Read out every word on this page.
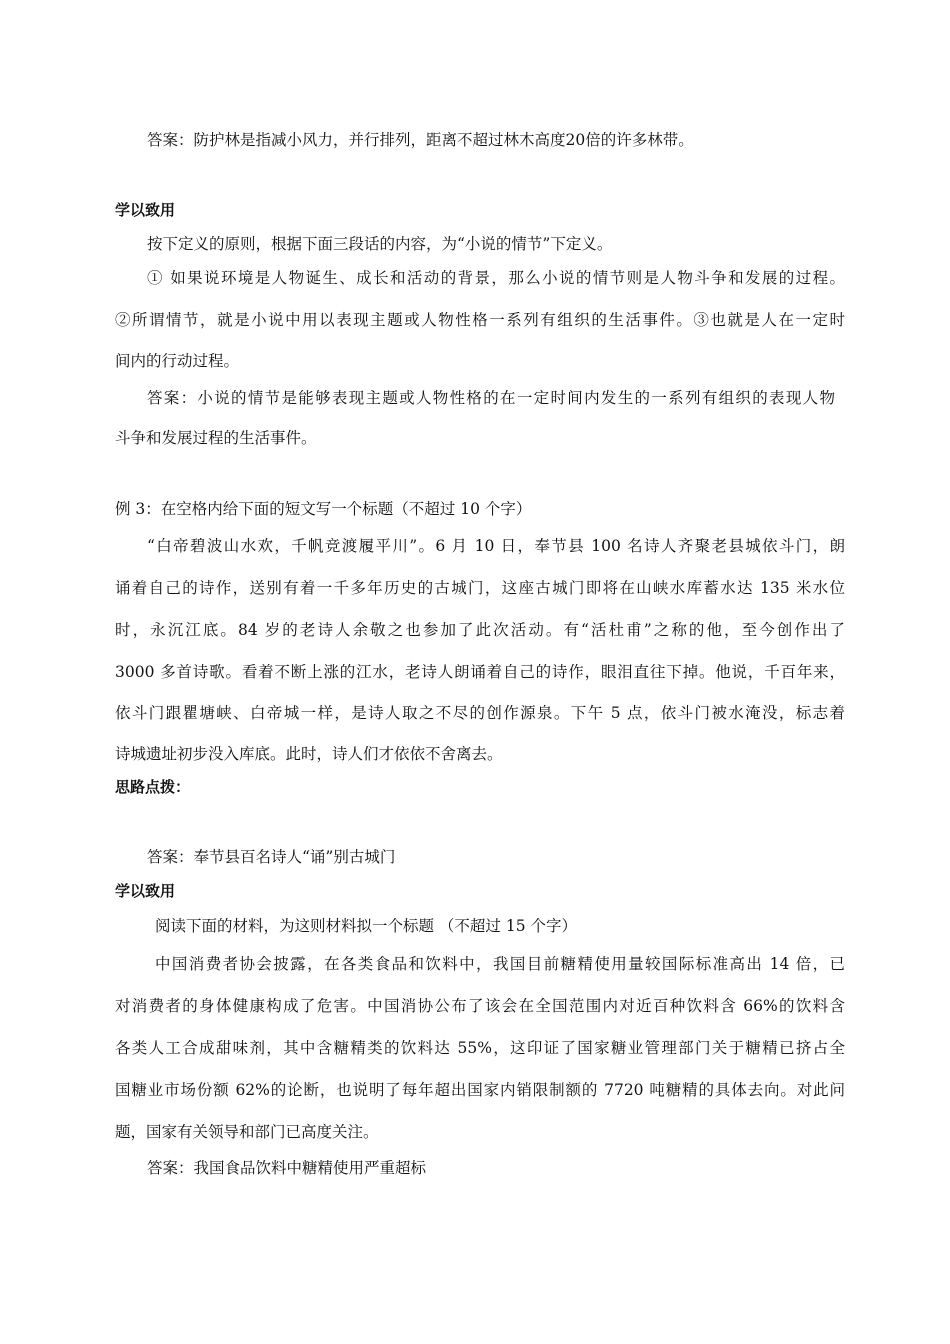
答案：防护林是指减小风力，并行排列，距离不超过林木高度20倍的许多林带。

学以致用

按下定义的原则，根据下面三段话的内容，为“小说的情节”下定义。

① 如果说环境是人物诞生、成长和活动的背景，那么小说的情节则是人物斗争和发展的过程。

②所谓情节，就是小说中用以表现主题或人物性格一系列有组织的生活事件。③也就是人在一定时

间内的行动过程。

答案：小说的情节是能够表现主题或人物性格的在一定时间内发生的一系列有组织的表现人物

斗争和发展过程的生活事件。

例 3：在空格内给下面的短文写一个标题（不超过 10 个字）

“白帝碧波山水欢，千帆竞渡履平川”。6 月 10 日，奉节县 100 名诗人齐聚老县城依斗门，朗

诵着自己的诗作，送别有着一千多年历史的古城门，这座古城门即将在山峡水库蓄水达 135 米水位

时，永沉江底。84 岁的老诗人余敬之也参加了此次活动。有“活杜甫”之称的他，至今创作出了

3000 多首诗歌。看着不断上涨的江水，老诗人朗诵着自己的诗作，眼泪直往下掉。他说，千百年来，

依斗门跟瞿塘峡、白帝城一样，是诗人取之不尽的创作源泉。下午 5 点，依斗门被水淹没，标志着

诗城遗址初步没入库底。此时，诗人们才依依不舍离去。

思路点拨：

答案：奉节县百名诗人“诵”别古城门

学以致用

阅读下面的材料，为这则材料拟一个标题 （不超过 15 个字）

中国消费者协会披露，在各类食品和饮料中，我国目前糖精使用量较国际标准高出 14 倍，已

对消费者的身体健康构成了危害。中国消协公布了该会在全国范围内对近百种饮料含 66%的饮料含

各类人工合成甜味剂，其中含糖精类的饮料达 55%，这印证了国家糖业管理部门关于糖精已挤占全

国糖业市场份额 62%的论断，也说明了每年超出国家内销限制额的 7720 吨糖精的具体去向。对此问

题，国家有关领导和部门已高度关注。

答案：我国食品饮料中糖精使用严重超标
